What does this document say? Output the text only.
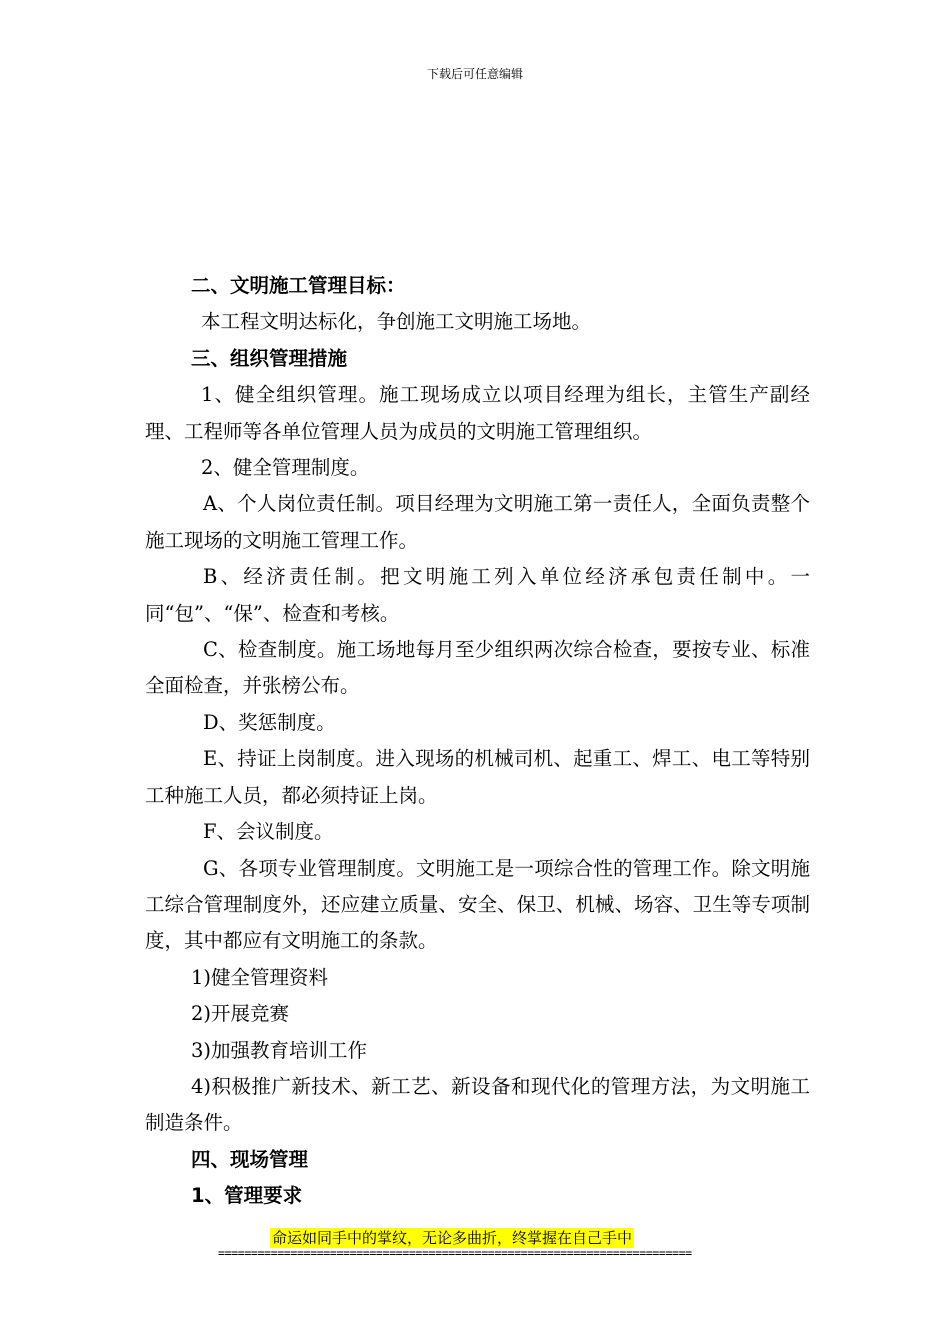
下载后可任意编辑

二、文明施工管理目标：

本工程文明达标化，争创施工文明施工场地。

三、组织管理措施

1、健全组织管理。施工现场成立以项目经理为组长，主管生产副经理、工程师等各单位管理人员为成员的文明施工管理组织。

2、健全管理制度。

A、个人岗位责任制。项目经理为文明施工第一责任人，全面负责整个施工现场的文明施工管理工作。

B、经济责任制。把文明施工列入单位经济承包责任制中。一同“包”、“保”、检查和考核。

C、检查制度。施工场地每月至少组织两次综合检查，要按专业、标准全面检查，并张榜公布。

D、奖惩制度。

E、持证上岗制度。进入现场的机械司机、起重工、焊工、电工等特别工种施工人员，都必须持证上岗。

F、会议制度。

G、各项专业管理制度。文明施工是一项综合性的管理工作。除文明施工综合管理制度外，还应建立质量、安全、保卫、机械、场容、卫生等专项制度，其中都应有文明施工的条款。

1)健全管理资料

2)开展竞赛

3)加强教育培训工作

4)积极推广新技术、新工艺、新设备和现代化的管理方法，为文明施工制造条件。

四、现场管理

1、管理要求

命运如同手中的掌纹，无论多曲折，终掌握在自己手中
========================================================================
